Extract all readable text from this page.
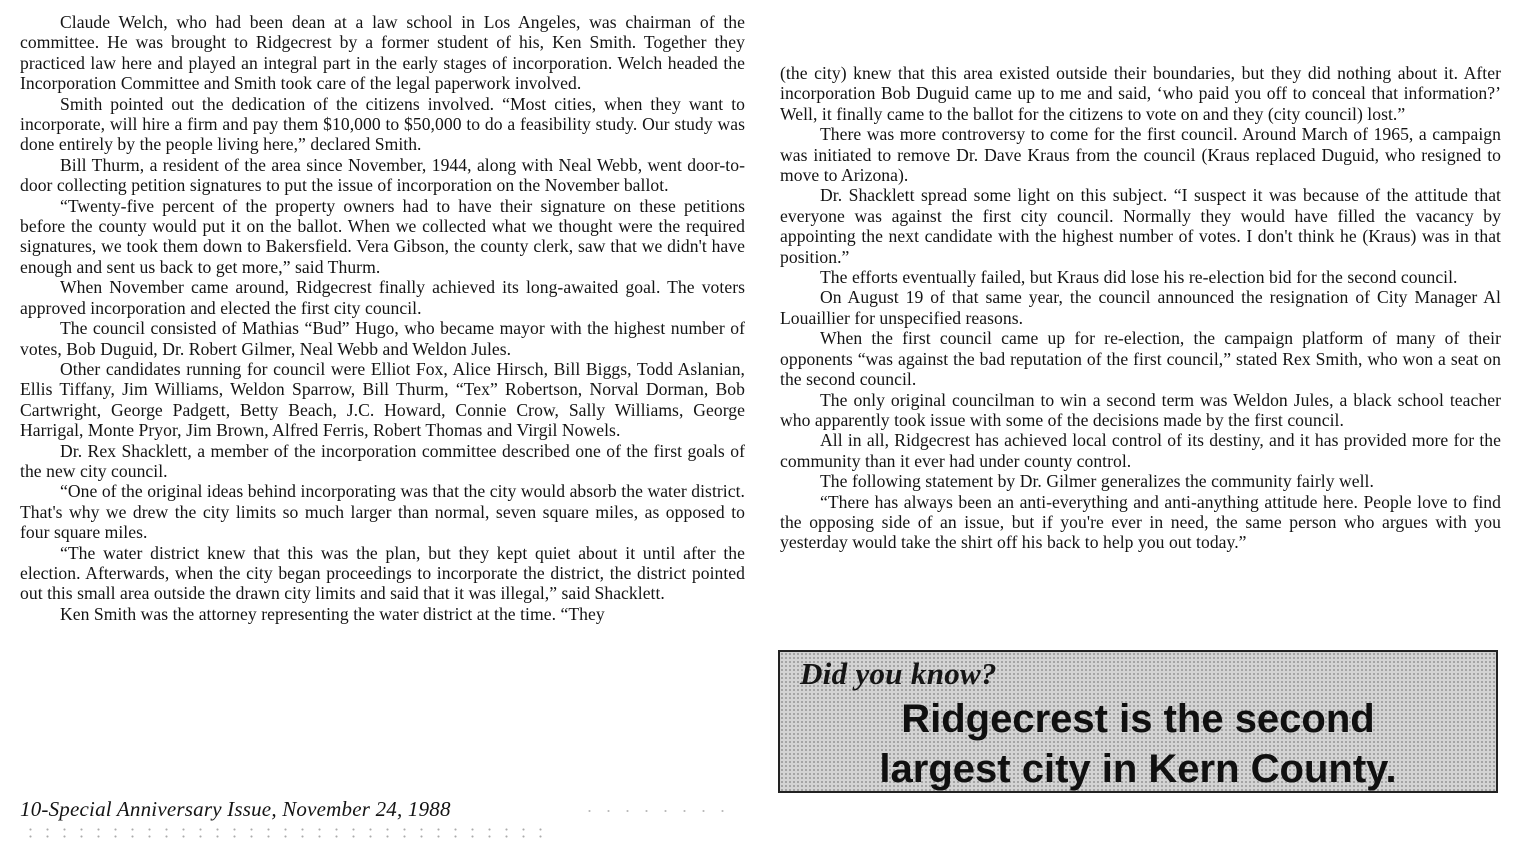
Claude Welch, who had been dean at a law school in Los Angeles, was chairman of the committee. He was brought to Ridgecrest by a former student of his, Ken Smith. Together they practiced law here and played an integral part in the early stages of incorporation. Welch headed the Incorporation Committee and Smith took care of the legal paperwork involved.

Smith pointed out the dedication of the citizens involved. “Most cities, when they want to incorporate, will hire a firm and pay them $10,000 to $50,000 to do a feasibility study. Our study was done entirely by the people living here,” declared Smith.

Bill Thurm, a resident of the area since November, 1944, along with Neal Webb, went door-to-door collecting petition signatures to put the issue of incorporation on the November ballot.

“Twenty-five percent of the property owners had to have their signature on these petitions before the county would put it on the ballot. When we collected what we thought were the required signatures, we took them down to Bakersfield. Vera Gibson, the county clerk, saw that we didn't have enough and sent us back to get more,” said Thurm.

When November came around, Ridgecrest finally achieved its long-awaited goal. The voters approved incorporation and elected the first city council.

The council consisted of Mathias “Bud” Hugo, who became mayor with the highest number of votes, Bob Duguid, Dr. Robert Gilmer, Neal Webb and Weldon Jules.

Other candidates running for council were Elliot Fox, Alice Hirsch, Bill Biggs, Todd Aslanian, Ellis Tiffany, Jim Williams, Weldon Sparrow, Bill Thurm, “Tex” Robertson, Norval Dorman, Bob Cartwright, George Padgett, Betty Beach, J.C. Howard, Connie Crow, Sally Williams, George Harrigal, Monte Pryor, Jim Brown, Alfred Ferris, Robert Thomas and Virgil Nowels.

Dr. Rex Shacklett, a member of the incorporation committee described one of the first goals of the new city council.

“One of the original ideas behind incorporating was that the city would absorb the water district. That's why we drew the city limits so much larger than normal, seven square miles, as opposed to four square miles.

“The water district knew that this was the plan, but they kept quiet about it until after the election. Afterwards, when the city began proceedings to incorporate the district, the district pointed out this small area outside the drawn city limits and said that it was illegal,” said Shacklett.

Ken Smith was the attorney representing the water district at the time. “They

(the city) knew that this area existed outside their boundaries, but they did nothing about it. After incorporation Bob Duguid came up to me and said, ‘who paid you off to conceal that information?’ Well, it finally came to the ballot for the citizens to vote on and they (city council) lost.”

There was more controversy to come for the first council. Around March of 1965, a campaign was initiated to remove Dr. Dave Kraus from the council (Kraus replaced Duguid, who resigned to move to Arizona).

Dr. Shacklett spread some light on this subject. “I suspect it was because of the attitude that everyone was against the first city council. Normally they would have filled the vacancy by appointing the next candidate with the highest number of votes. I don't think he (Kraus) was in that position.”

The efforts eventually failed, but Kraus did lose his re-election bid for the second council.

On August 19 of that same year, the council announced the resignation of City Manager Al Louaillier for unspecified reasons.

When the first council came up for re-election, the campaign platform of many of their opponents “was against the bad reputation of the first council,” stated Rex Smith, who won a seat on the second council.

The only original councilman to win a second term was Weldon Jules, a black school teacher who apparently took issue with some of the decisions made by the first council.

All in all, Ridgecrest has achieved local control of its destiny, and it has provided more for the community than it ever had under county control.

The following statement by Dr. Gilmer generalizes the community fairly well.

“There has always been an anti-everything and anti-anything attitude here. People love to find the opposing side of an issue, but if you're ever in need, the same person who argues with you yesterday would take the shirt off his back to help you out today.”

Did you know?
Ridgecrest is the second
largest city in Kern County.
10-Special Anniversary Issue, November 24, 1988
